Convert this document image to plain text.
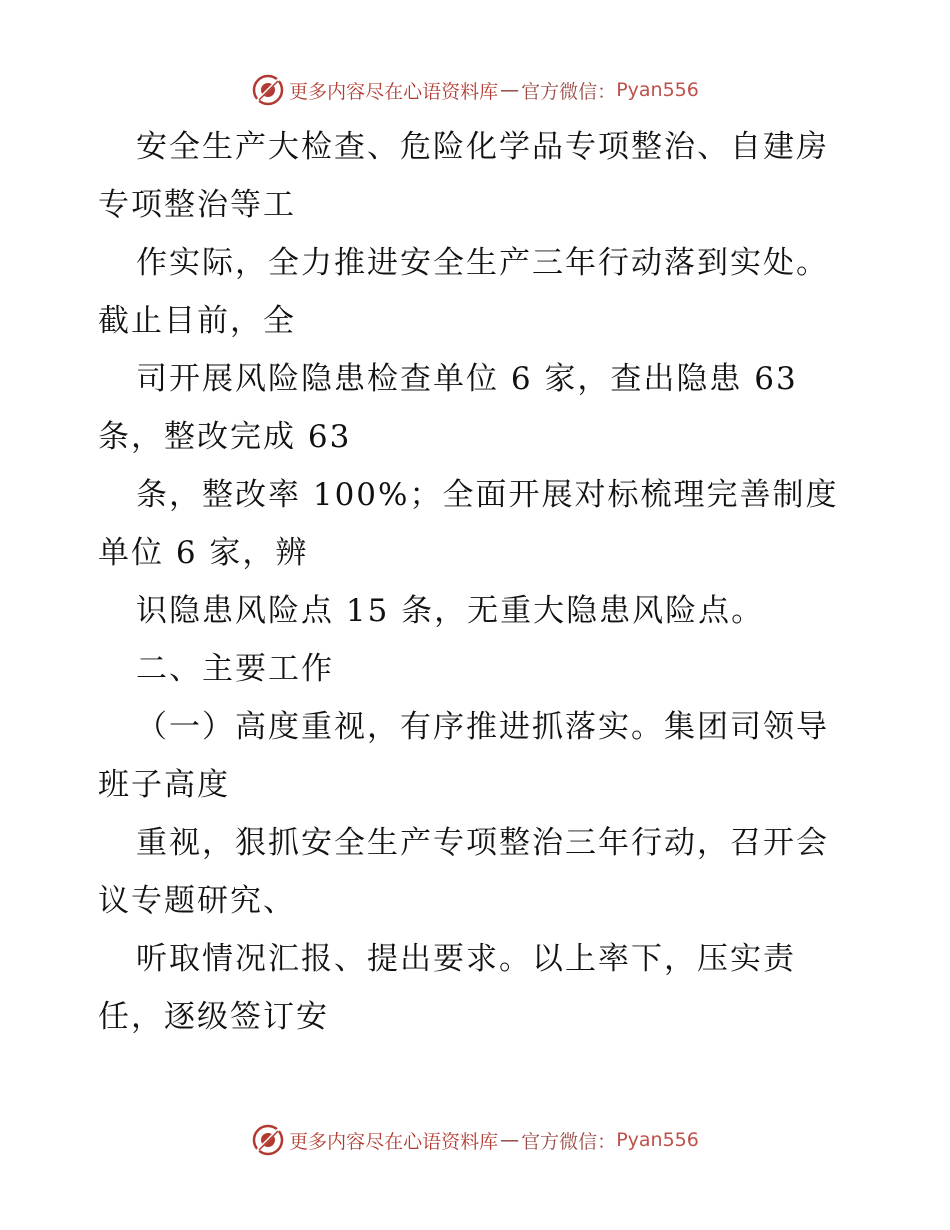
更多内容尽在心语资料库 — 官方微信： Pyan556
安全生产大检查、危险化学品专项整治、自建房
专项整治等工
作实际，全力推进安全生产三年行动落到实处。
截止目前，全
司开展风险隐患检查单位 6 家，查出隐患 63
条，整改完成 63
条，整改率 100%；全面开展对标梳理完善制度
单位 6 家，辨
识隐患风险点 15 条，无重大隐患风险点。
二、主要工作
（一）高度重视，有序推进抓落实。集团司领导
班子高度
重视，狠抓安全生产专项整治三年行动，召开会
议专题研究、
听取情况汇报、提出要求。以上率下，压实责
任，逐级签订安
更多内容尽在心语资料库 — 官方微信： Pyan556
